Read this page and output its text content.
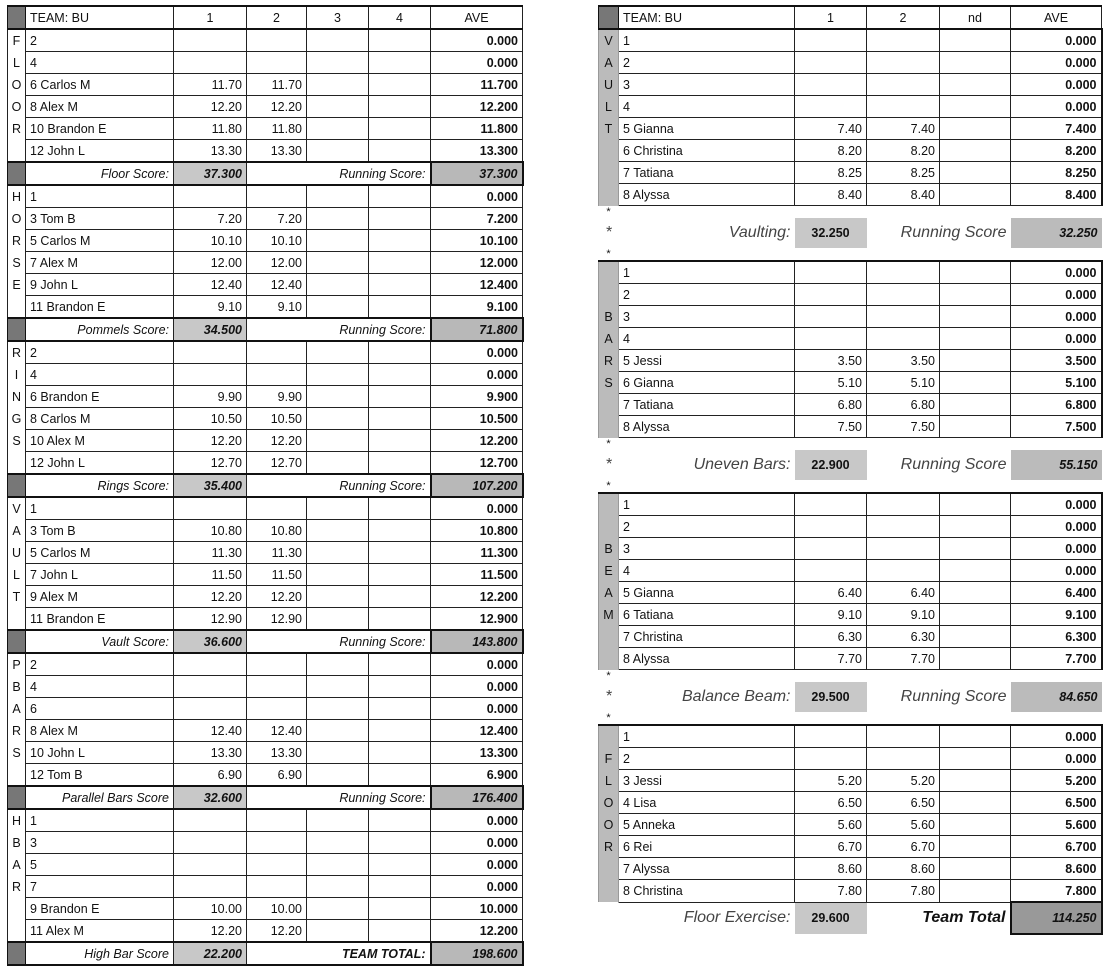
	TEAM: BU	1	2	3	4	AVE
F	2					0.000
L	4					0.000
O	6 Carlos M	11.70	11.70			11.700
O	8 Alex M	12.20	12.20			12.200
R	10 Brandon E	11.80	11.80			11.800
	12 John L	13.30	13.30			13.300
	Floor Score:	37.300	Running Score:			37.300
H	1					0.000
O	3 Tom B	7.20	7.20			7.200
R	5 Carlos M	10.10	10.10			10.100
S	7 Alex M	12.00	12.00			12.000
E	9 John L	12.40	12.40			12.400
	11 Brandon E	9.10	9.10			9.100
	Pommels Score:	34.500	Running Score:			71.800
R	2					0.000
I	4					0.000
N	6 Brandon E	9.90	9.90			9.900
G	8 Carlos M	10.50	10.50			10.500
S	10 Alex M	12.20	12.20			12.200
	12 John L	12.70	12.70			12.700
	Rings Score:	35.400	Running Score:			107.200
V	1					0.000
A	3 Tom B	10.80	10.80			10.800
U	5 Carlos M	11.30	11.30			11.300
L	7 John L	11.50	11.50			11.500
T	9 Alex M	12.20	12.20			12.200
	11 Brandon E	12.90	12.90			12.900
	Vault Score:	36.600	Running Score:			143.800
P	2					0.000
B	4					0.000
A	6					0.000
R	8 Alex M	12.40	12.40			12.400
S	10 John L	13.30	13.30			13.300
	12 Tom B	6.90	6.90			6.900
	Parallel Bars Score	32.600	Running Score:			176.400
H	1					0.000
B	3					0.000
A	5					0.000
R	7					0.000
	9 Brandon E	10.00	10.00			10.000
	11 Alex M	12.20	12.20			12.200
	High Bar Score	22.200	TEAM TOTAL:			198.600
	TEAM: BU	1	2	nd	AVE
V	1				0.000
A	2				0.000
U	3				0.000
L	4				0.000
T	5 Gianna	7.40	7.40		7.400
	6 Christina	8.20	8.20		8.200
	7 Tatiana	8.25	8.25		8.250
	8 Alyssa	8.40	8.40		8.400
*					
*	Vaulting:	32.250	Running Score		32.250
*					
	1				0.000
	2				0.000
B	3				0.000
A	4				0.000
R	5 Jessi	3.50	3.50		3.500
S	6 Gianna	5.10	5.10		5.100
	7 Tatiana	6.80	6.80		6.800
	8 Alyssa	7.50	7.50		7.500
*					
*	Uneven Bars:	22.900	Running Score		55.150
*					
	1				0.000
	2				0.000
B	3				0.000
E	4				0.000
A	5 Gianna	6.40	6.40		6.400
M	6 Tatiana	9.10	9.10		9.100
	7 Christina	6.30	6.30		6.300
	8 Alyssa	7.70	7.70		7.700
*					
*	Balance Beam:	29.500	Running Score		84.650
*					
	1				0.000
F	2				0.000
L	3 Jessi	5.20	5.20		5.200
O	4 Lisa	6.50	6.50		6.500
O	5 Anneka	5.60	5.60		5.600
R	6 Rei	6.70	6.70		6.700
	7 Alyssa	8.60	8.60		8.600
	8 Christina	7.80	7.80		7.800
	Floor Exercise:	29.600	Team Total		114.250
